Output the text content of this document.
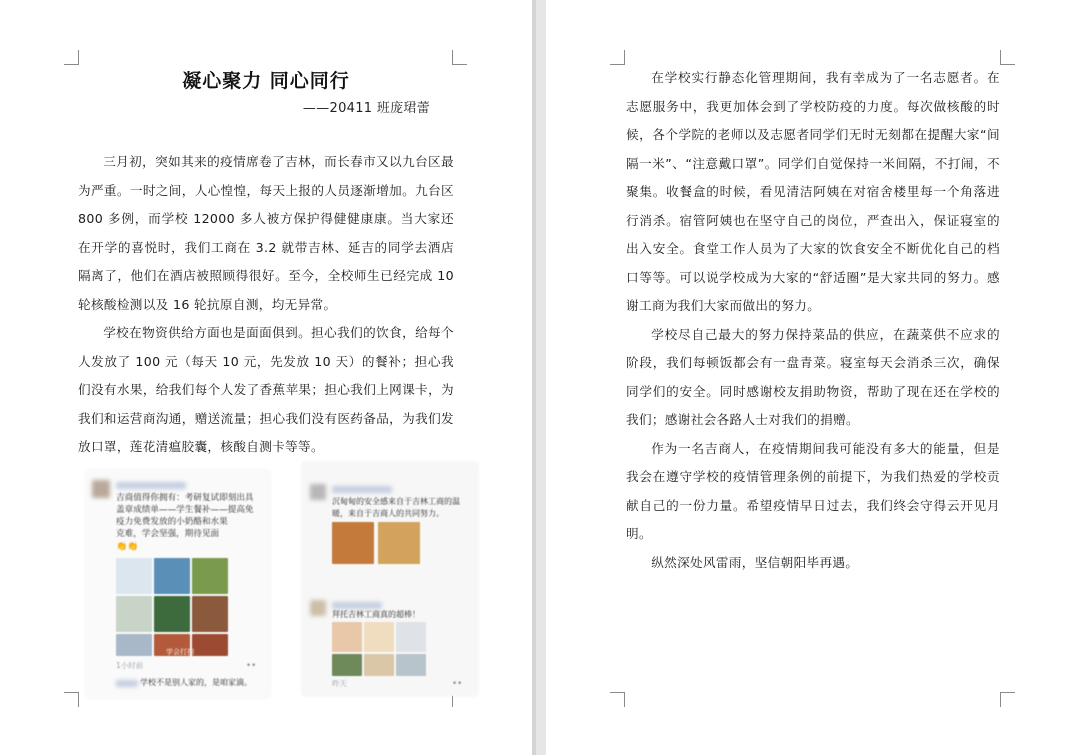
凝心聚力 同心同行
——20411 班庞珺蕾

三月初，突如其来的疫情席卷了吉林，而长春市又以九台区最为严重。一时之间，人心惶惶，每天上报的人员逐渐增加。九台区 800 多例，而学校 12000 多人被方保护得健健康康。当大家还在开学的喜悦时，我们工商在 3.2 就带吉林、延吉的同学去酒店隔离了，他们在酒店被照顾得很好。至今，全校师生已经完成 10 轮核酸检测以及 16 轮抗原自测，均无异常。

学校在物资供给方面也是面面俱到。担心我们的饮食，给每个人发放了 100 元（每天 10 元，先发放 10 天）的餐补；担心我们没有水果，给我们每个人发了香蕉苹果；担心我们上网课卡，为我们和运营商沟通，赠送流量；担心我们没有医药备品，为我们发放口罩，莲花清瘟胶囊，核酸自测卡等等。

吉商值得你拥有：考研复试即刻出具盖章成绩单——学生餐补——提高免疫力免费发放的小奶酪和水果
克难，学会坚强，期待见面
👏👏
学会打扫
1小时前	••
学校不是别人家的，是咱家滴。
沉甸甸的安全感来自于吉林工商的温暖，来自于吉商人的共同努力。
拜托吉林工商真的超棒！
昨天	••

在学校实行静态化管理期间，我有幸成为了一名志愿者。在志愿服务中，我更加体会到了学校防疫的力度。每次做核酸的时候，各个学院的老师以及志愿者同学们无时无刻都在提醒大家“间隔一米”、“注意戴口罩”。同学们自觉保持一米间隔，不打闹，不聚集。收餐盒的时候，看见清洁阿姨在对宿舍楼里每一个角落进行消杀。宿管阿姨也在坚守自己的岗位，严查出入，保证寝室的出入安全。食堂工作人员为了大家的饮食安全不断优化自己的档口等等。可以说学校成为大家的“舒适圈”是大家共同的努力。感谢工商为我们大家而做出的努力。

学校尽自己最大的努力保持菜品的供应，在蔬菜供不应求的阶段，我们每顿饭都会有一盘青菜。寝室每天会消杀三次，确保同学们的安全。同时感谢校友捐助物资，帮助了现在还在学校的我们；感谢社会各路人士对我们的捐赠。

作为一名吉商人，在疫情期间我可能没有多大的能量，但是我会在遵守学校的疫情管理条例的前提下，为我们热爱的学校贡献自己的一份力量。希望疫情早日过去，我们终会守得云开见月明。

纵然深处风雷雨，坚信朝阳毕再遇。
